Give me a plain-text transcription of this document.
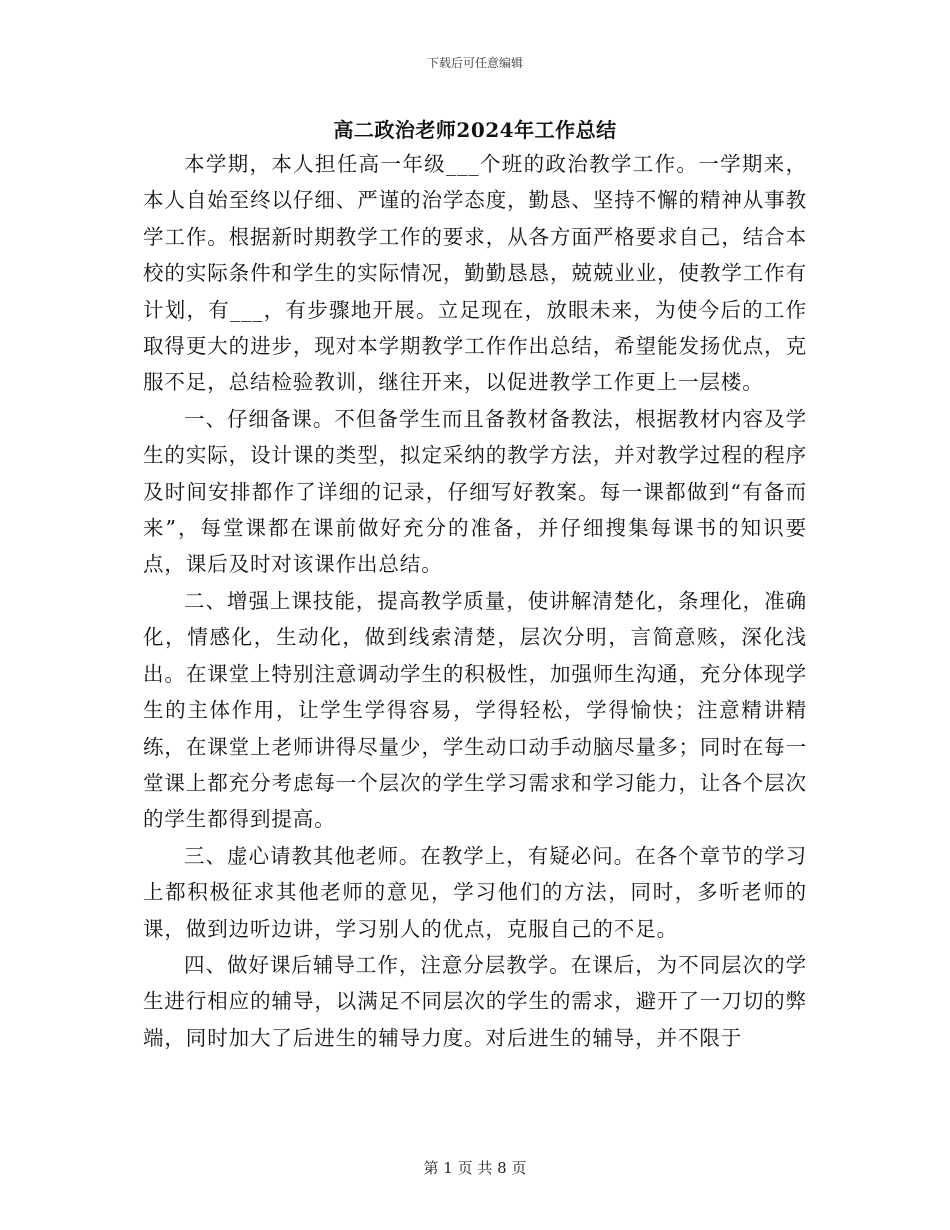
下载后可任意编辑
高二政治老师2024年工作总结

本学期，本人担任高一年级___个班的政治教学工作。一学期来，本人自始至终以仔细、严谨的治学态度，勤恳、坚持不懈的精神从事教学工作。根据新时期教学工作的要求，从各方面严格要求自己，结合本校的实际条件和学生的实际情况，勤勤恳恳，兢兢业业，使教学工作有计划，有___，有步骤地开展。立足现在，放眼未来，为使今后的工作取得更大的进步，现对本学期教学工作作出总结，希望能发扬优点，克服不足，总结检验教训，继往开来，以促进教学工作更上一层楼。

一、仔细备课。不但备学生而且备教材备教法，根据教材内容及学生的实际，设计课的类型，拟定采纳的教学方法，并对教学过程的程序及时间安排都作了详细的记录，仔细写好教案。每一课都做到“有备而来”，每堂课都在课前做好充分的准备，并仔细搜集每课书的知识要点，课后及时对该课作出总结。

二、增强上课技能，提高教学质量，使讲解清楚化，条理化，准确化，情感化，生动化，做到线索清楚，层次分明，言简意赅，深化浅出。在课堂上特别注意调动学生的积极性，加强师生沟通，充分体现学生的主体作用，让学生学得容易，学得轻松，学得愉快；注意精讲精练，在课堂上老师讲得尽量少，学生动口动手动脑尽量多；同时在每一堂课上都充分考虑每一个层次的学生学习需求和学习能力，让各个层次的学生都得到提高。

三、虚心请教其他老师。在教学上，有疑必问。在各个章节的学习上都积极征求其他老师的意见，学习他们的方法，同时，多听老师的课，做到边听边讲，学习别人的优点，克服自己的不足。

四、做好课后辅导工作，注意分层教学。在课后，为不同层次的学生进行相应的辅导，以满足不同层次的学生的需求，避开了一刀切的弊端，同时加大了后进生的辅导力度。对后进生的辅导，并不限于

第 1 页 共 8 页
